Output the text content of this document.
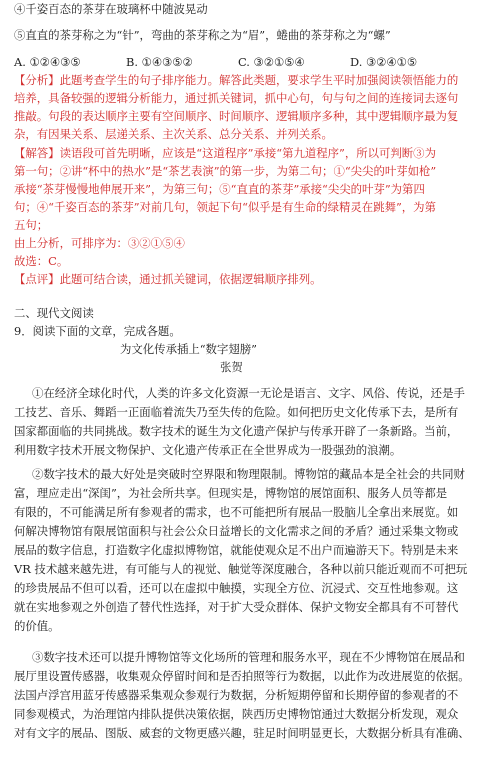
④千姿百态的茶芽在玻璃杯中随波晃动
⑤直直的茶芽称之为“针”，弯曲的茶芽称之为“眉”，蜷曲的茶芽称之为“螺”
A. ①②④③⑤	B. ①④③⑤②	C. ③②①⑤④	D. ③②④①⑤
【分析】此题考查学生的句子排序能力。解答此类题，要求学生平时加强阅读领悟能力的
培养，具备较强的逻辑分析能力，通过抓关键词，抓中心句，句与句之间的连接词去逐句
推敲。句段的表达顺序主要有空间顺序、时间顺序、逻辑顺序多种，其中逻辑顺序最为复
杂，有因果关系、层递关系、主次关系、总分关系、并列关系。
【解答】读语段可首先明晰，应该是“这道程序”承接“第九道程序”，所以可判断③为
第一句；②讲“杯中的热水”是“茶艺表演”的第一步，为第二句；①“尖尖的叶芽如枪”
承接“茶芽慢慢地伸展开来”，为第三句；⑤“直直的茶芽”承接“尖尖的叶芽”为第四
句；④“千姿百态的茶芽”对前几句，领起下句“似乎是有生命的绿精灵在跳舞”，为第
五句；
由上分析，可排序为：③②①⑤④
故选：C。
【点评】此题可结合读，通过抓关键词，依据逻辑顺序排列。
二、现代文阅读
9．阅读下面的文章，完成各题。
为文化传承插上“数字翅膀”
张贺
①在经济全球化时代，人类的许多文化资源一无论是语言、文字、风俗、传说，还是手
工技艺、音乐、舞蹈一正面临着流失乃至失传的危险。如何把历史文化传承下去，是所有
国家都面临的共同挑战。数字技术的诞生为文化遗产保护与传承开辟了一条新路。当前，
利用数字技术开展文物保护、文化遗产传承正在全世界成为一股强劲的浪潮。
②数字技术的最大好处是突破时空界限和物理限制。博物馆的藏品本是全社会的共同财
富，理应走出“深闺”，为社会所共享。但现实是，博物馆的展馆面积、服务人员等都是
有限的，不可能满足所有参观者的需求，也不可能把所有展品一股脑儿全拿出来展览。如
何解决博物馆有限展馆面积与社会公众日益增长的文化需求之间的矛盾？通过采集文物或
展品的数字信息，打造数字化虚拟博物馆，就能使观众足不出户而遍游天下。特别是未来
VR 技术越来越先进，有可能与人的视觉、触觉等深度融合，各种以前只能近观而不可把玩
的珍贵展品不但可以看，还可以在虚拟中触摸，实现全方位、沉浸式、交互性地参观。这
就在实地参观之外创造了替代性选择，对于扩大受众群体、保护文物安全都具有不可替代
的价值。
③数字技术还可以提升博物馆等文化场所的管理和服务水平，现在不少博物馆在展品和
展厅里设置传感器，收集观众停留时间和是否拍照等行为数据，以此作为改进展览的依据。
法国卢浮宫用蓝牙传感器采集观众参观行为数据，分析短期停留和长期停留的参观者的不
同参观模式，为治理馆内排队提供决策依据，陕西历史博物馆通过大数据分析发现，观众
对有文字的展品、图版、威套的文物更感兴趣，驻足时间明显更长，大数据分析具有准确、
